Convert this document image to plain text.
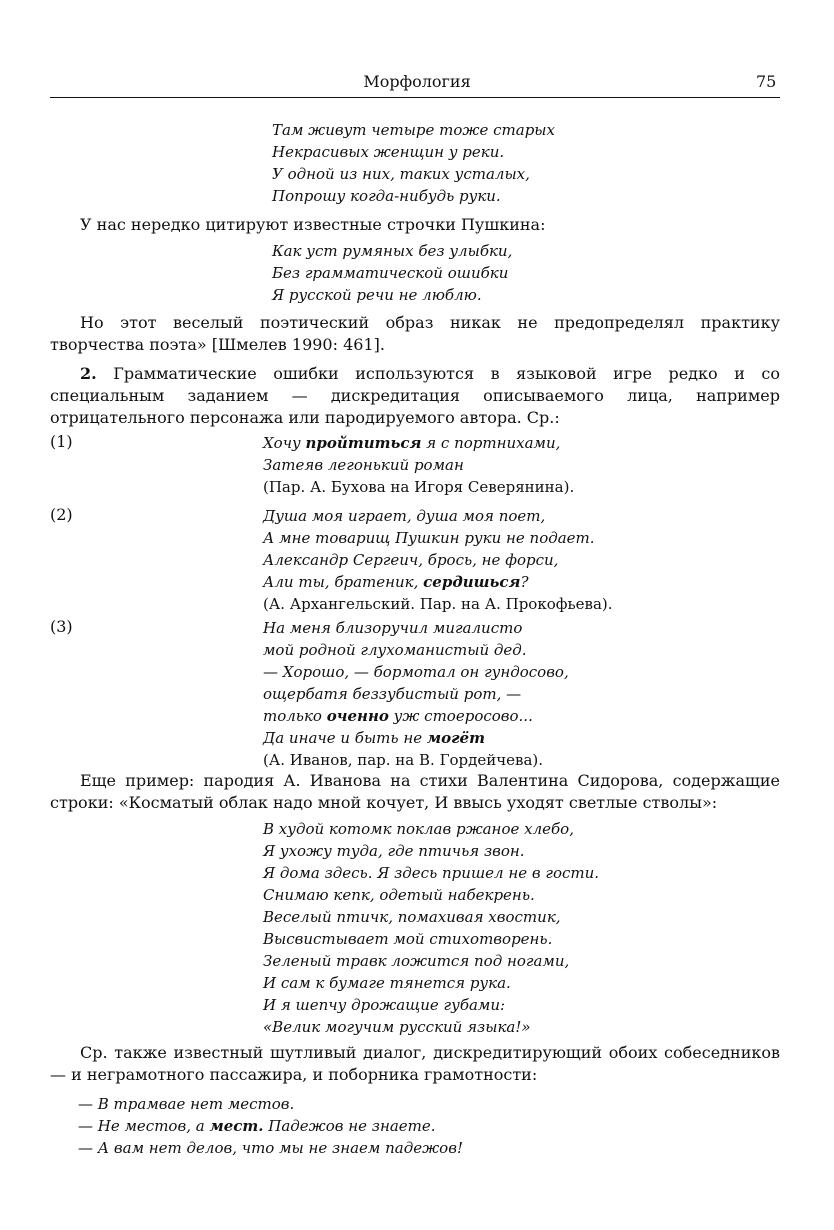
Морфология	75
Там живут четыре тоже старых
Некрасивых женщин у реки.
У одной из них, таких усталых,
Попрошу когда-нибудь руки.

У нас нередко цитируют известные строчки Пушкина:

Как уст румяных без улыбки,
Без грамматической ошибки
Я русской речи не люблю.

Но этот веселый поэтический образ никак не предопределял практику творчества поэта» [Шмелев 1990: 461].

2. Грамматические ошибки используются в языковой игре редко и со специальным заданием — дискредитация описываемого лица, например отрицательного персонажа или пародируемого автора. Ср.:

(1)	Хочу пройтиться я с портнихами,
Затеяв легонький роман
(Пар. А. Бухова на Игоря Северянина).
(2)	Душа моя играет, душа моя поет,
А мне товарищ Пушкин руки не подает.
Александр Сергеич, брось, не форси,
Али ты, братеник, сердишься?
(А. Архангельский. Пар. на А. Прокофьева).
(3)	На меня близоручил мигалисто
мой родной глухоманистый дед.
— Хорошо, — бормотал он гундосово,
ощербатя беззубистый рот, —
только оченно уж стоеросово...
Да иначе и быть не могёт
(А. Иванов, пар. на В. Гордейчева).

Еще пример: пародия А. Иванова на стихи Валентина Сидорова, содержащие строки: «Косматый облак надо мной кочует, И ввысь уходят светлые стволы»:

В худой котомк поклав ржаное хлебо,
Я ухожу туда, где птичья звон.
Я дома здесь. Я здесь пришел не в гости.
Снимаю кепк, одетый набекрень.
Веселый птичк, помахивая хвостик,
Высвистывает мой стихотворень.
Зеленый травк ложится под ногами,
И сам к бумаге тянется рука.
И я шепчу дрожащие губами:
«Велик могучим русский языка!»

Ср. также известный шутливый диалог, дискредитирующий обоих собеседников — и неграмотного пассажира, и поборника грамотности:

— В трамвае нет местов.
— Не местов, а мест. Падежов не знаете.
— А вам нет делов, что мы не знаем падежов!
